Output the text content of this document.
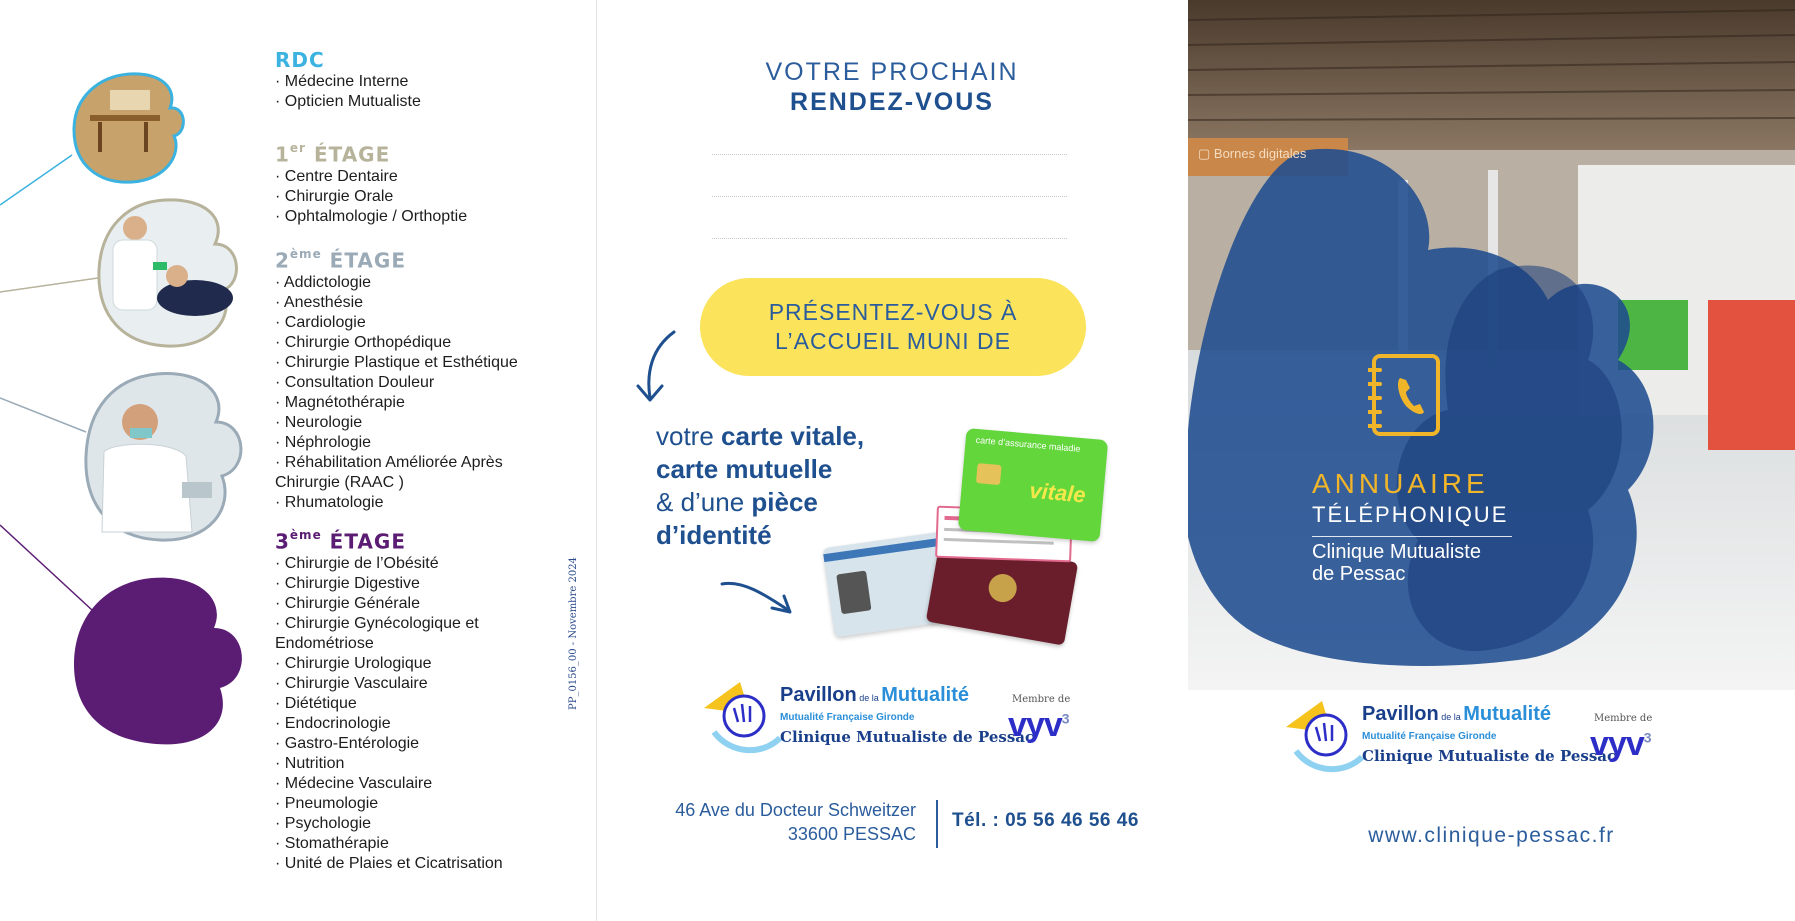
RDC
· Médecine Interne
· Opticien Mutualiste
1er ÉTAGE
· Centre Dentaire
· Chirurgie Orale
· Ophtalmologie / Orthoptie
2ème ÉTAGE
· Addictologie
· Anesthésie
· Cardiologie
· Chirurgie Orthopédique
· Chirurgie Plastique et Esthétique
· Consultation Douleur
· Magnétothérapie
· Neurologie
· Néphrologie
· Réhabilitation Améliorée Après Chirurgie (RAAC )
· Rhumatologie
3ème ÉTAGE
· Chirurgie de l’Obésité
· Chirurgie Digestive
· Chirurgie Générale
· Chirurgie Gynécologique et Endométriose
· Chirurgie Urologique
· Chirurgie Vasculaire
· Diététique
· Endocrinologie
· Gastro-Entérologie
· Nutrition
· Médecine Vasculaire
· Pneumologie
· Psychologie
· Stomathérapie
· Unité de Plaies et Cicatrisation
PP_0156_00 - Novembre 2024
VOTRE PROCHAIN
RENDEZ-VOUS
PRÉSENTEZ-VOUS À
L’ACCUEIL MUNI DE
votre carte vitale,
carte mutuelle
& d’une pièce
d’identité
carte d’assurance maladie
vitale
Pavillon de la Mutualité
Mutualité Française Gironde
Clinique Mutualiste de Pessac
Membre de
vyv$^3$
46 Ave du Docteur Schweitzer
33600 PESSAC
Tél. : 05 56 46 56 46
▢ Bornes digitales
ANNUAIRE
TÉLÉPHONIQUE
Clinique Mutualiste
de Pessac
Pavillon de la Mutualité
Mutualité Française Gironde
Clinique Mutualiste de Pessac
Membre de
vyv$^3$
www.clinique-pessac.fr
